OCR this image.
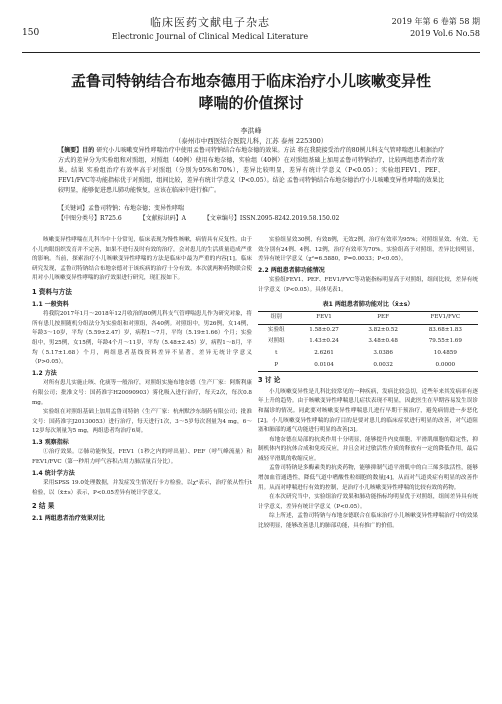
150
临床医药文献电子杂志
Electronic Journal of Clinical Medical Literature
2019 年第 6 卷第 58 期
2019 Vol.6 No.58
孟鲁司特钠结合布地奈德用于临床治疗小儿咳嗽变异性
哮喘的价值探讨
李洪峰
（泰州市中西医结合医院儿科，江苏 泰州 225300）
【摘要】目的 研究小儿咳嗽变异性哮喘治疗中使用孟鲁司特钠结合布地奈德的效果。方法 将在我院接受治疗的80例儿科支气管哮喘患儿根据治疗方式的差异分为实验组和对照组，对照组（40例）使用布地奈德，实验组（40例）在对照组基础上加用孟鲁司特钠治疗，比较两组患者治疗效果。结果 实验组治疗有效率高于对照组（分别为95%和70%），差异比较明显，差异有统计学意义（P<0.05）；实验组FEV1、PEF、FEV1/FVC等功能指标优于对照组，组间比较，差异有统计学意义（P<0.05）。结论 孟鲁司特钠结合布地奈德治疗小儿咳嗽变异性哮喘的效果比较明显，能够促进患儿肺功能恢复，应该在临床中进行推广。
【关键词】孟鲁司特钠；布地奈德；变异性哮喘
【中图分类号】R725.6	【文献标识码】A	【文章编号】ISSN.2095-8242.2019.58.150.02

咳嗽变异性哮喘在儿科当中十分常见，临床表现为慢性咳嗽，病情具有反复性。由于小儿肉眼组织发育并不完善，如果不进行及时有效的治疗，会对患儿的生活质量造成严重的影响。当前，探索治疗小儿咳嗽变异性哮喘的方法是临床中最为严重的内容[1]。临床研究发现，孟鲁司特钠结合布地奈德对于该疾病的治疗十分有效。本次就两种药物联合使用对小儿咳嗽变异性哮喘的治疗效果进行研究，现汇报如下。

1 资料与方法
1.1 一般资料

将我院2017年1月～2018年12月收治的80例儿科支气管哮喘患儿作为研究对象，将所有患儿按照随机分组法分为实验组和对照组，各40例。对照组中，男26例，女14例，年龄3～10岁，平均（5.59±2.47）岁，病程1～7月，平均（5.19±1.66）个月；实验组中，男25例，女15例，年龄4个月～11岁，平均（5.48±2.45）岁，病程1～8月，平均（5.17±1.68）个月，两组患者基线资料差异不显著，差异无统计学意义（P>0.05）。

1.2 方法

对所有患儿实施止咳、化痰等一般治疗，对照组实施布地奈德（生产厂家：阿斯利康有限公司；批准文号：国药准字H20090903）雾化吸入进行治疗，每天2次，每次0.8 mg。

实验组在对照组基础上加用孟鲁司特钠（生产厂家：杭州默沙东制药有限公司；批准文号：国药准字J20130053）进行治疗，每天进行1次，3～5岁每次剂量为4 mg，6～12岁每次剂量为5 mg，两组患者均治疗6周。

1.3 观察指标

①治疗效果。②肺功能恢复，FEV1（1秒之内的呼出量）、PEF（呼气峰流量）和FEV1/FVC（第一秒用力呼气容积占用力肺活量百分比）。

1.4 统计学方法

采用SPSS 19.0处理数据，并发症发生情况行卡方检验，以χ²表示，治疗依从性行t检验，以（x̄±s）表示，P<0.05差异有统计学意义。

2 结 果
2.1 两组患者治疗效果对比

实验组显效30例，有效8例，无效2例，治疗有效率为95%；对照组显效、有效、无效分别有24例、4例、12例，治疗有效率为70%。实验组高于对照组，差异比较明显，差异有统计学意义（χ²=6.5880，P=0.0033；P<0.05）。

2.2 两组患者肺功能情况

实验组FEV1、PEF、FEV1/FVC等功能指标明显高于对照组，组间比较，差异有统计学意义（P<0.05）。具体见表1。

表1 两组患者肺功能对比（x̄±s）
组别	FEV1	PEF	FEV1/FVC
实验组	1.58±0.27	3.82±0.52	83.68±1.83
对照组	1.43±0.24	3.48±0.48	79.55±1.69
t	2.6261	3.0386	10.4859
P	0.0104	0.0032	0.0000
3 讨 论

小儿咳嗽变异性是儿科比较常见的一种疾病，发病比较急切，近些年来其发病率有逐年上升的趋势。由于咳嗽变异性哮喘患儿症状表现不明显，因此医生在早期容易发生误诊和漏诊的情况。同此要对咳嗽变异性哮喘患儿进行早期干预治疗，避免病情进一步恶化[2]。小儿咳嗽变异性哮喘的治疗目的是要对患儿的临床症状进行明显的改善，对气道阻塞和肺部的通气功能进行明显的改善[3]。

布地奈德在局部的抗炎作用十分明显，能够提升内皮细胞，平滑肌细胞的稳定性，抑制机体内的抗体合成和免疫反应，并且会对过敏活性介质的释放有一定的降低作用，最后减轻平滑肌的收缩反应。

孟鲁司特钠是多酶素类的抗炎药物，能够抑制气道平滑肌中的白三烯多肽活性，能够增加血管通透性，降低气道中嗜酸性粒细胞的数量[4]，从而对气道炎症有明显的改善作用。从而对哮喘进行有效的控制，是治疗小儿咳嗽变异性哮喘的比较有效的药物。

在本次研究当中，实验组治疗效果和肺功能指标均明显优于对照组，组间差异具有统计学意义，差异有统计学意义（P<0.05）。

综上所述，孟鲁司特钠与布地奈德联合在临床治疗小儿咳嗽变异性哮喘治疗中的效果比较明显，能够改善患儿的肺部功能，具有推广的价值。
